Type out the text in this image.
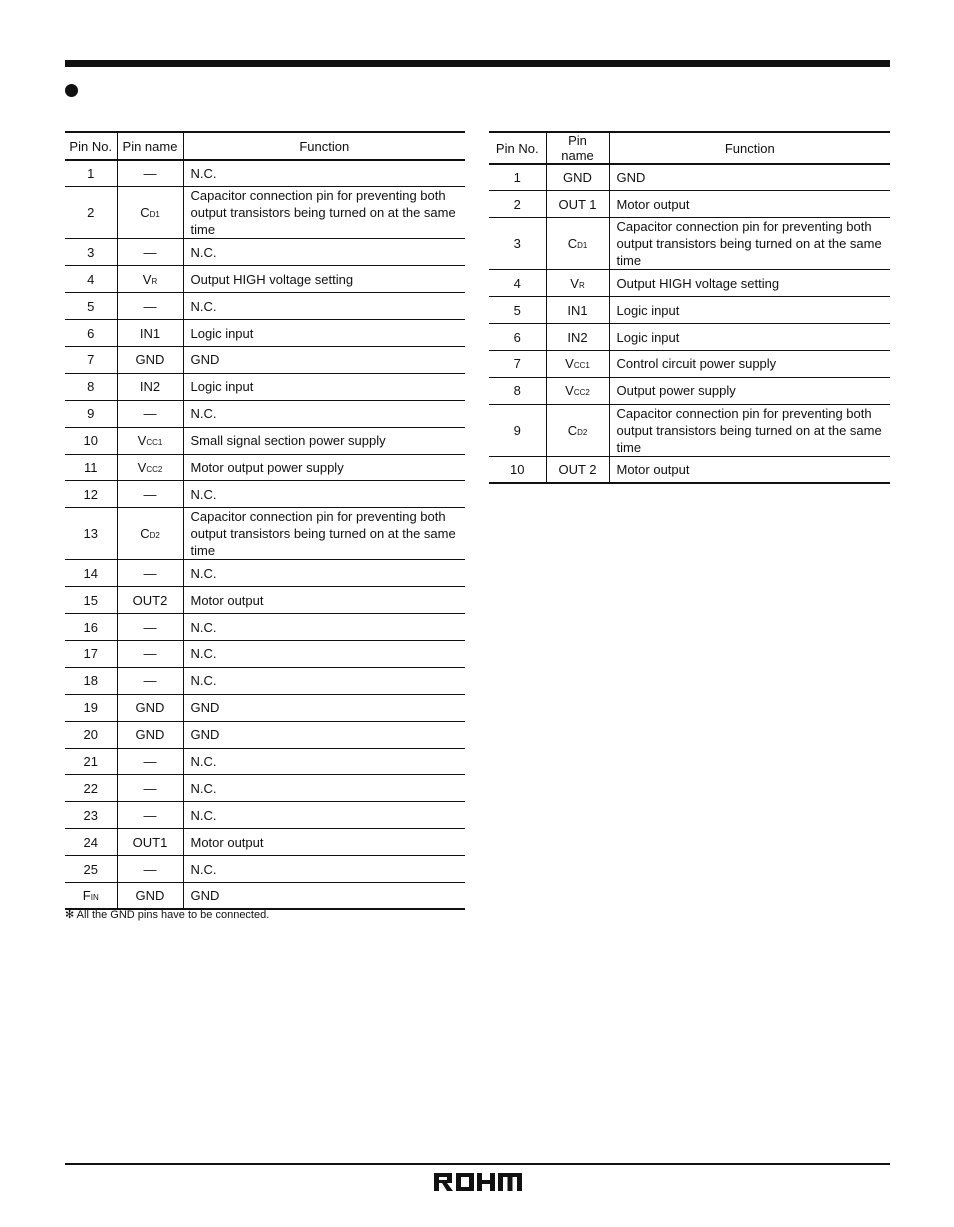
Pin No.	Pin name	Function
1	—	N.C.
2	CD1	Capacitor connection pin for preventing both output transistors being turned on at the same time
3	—	N.C.
4	VR	Output HIGH voltage setting
5	—	N.C.
6	IN1	Logic input
7	GND	GND
8	IN2	Logic input
9	—	N.C.
10	VCC1	Small signal section power supply
11	VCC2	Motor output power supply
12	—	N.C.
13	CD2	Capacitor connection pin for preventing both output transistors being turned on at the same time
14	—	N.C.
15	OUT2	Motor output
16	—	N.C.
17	—	N.C.
18	—	N.C.
19	GND	GND
20	GND	GND
21	—	N.C.
22	—	N.C.
23	—	N.C.
24	OUT1	Motor output
25	—	N.C.
FIN	GND	GND
Pin No.	Pin name	Function
1	GND	GND
2	OUT 1	Motor output
3	CD1	Capacitor connection pin for preventing both output transistors being turned on at the same time
4	VR	Output HIGH voltage setting
5	IN1	Logic input
6	IN2	Logic input
7	VCC1	Control circuit power supply
8	VCC2	Output power supply
9	CD2	Capacitor connection pin for preventing both output transistors being turned on at the same time
10	OUT 2	Motor output
✻ All the GND pins have to be connected.
